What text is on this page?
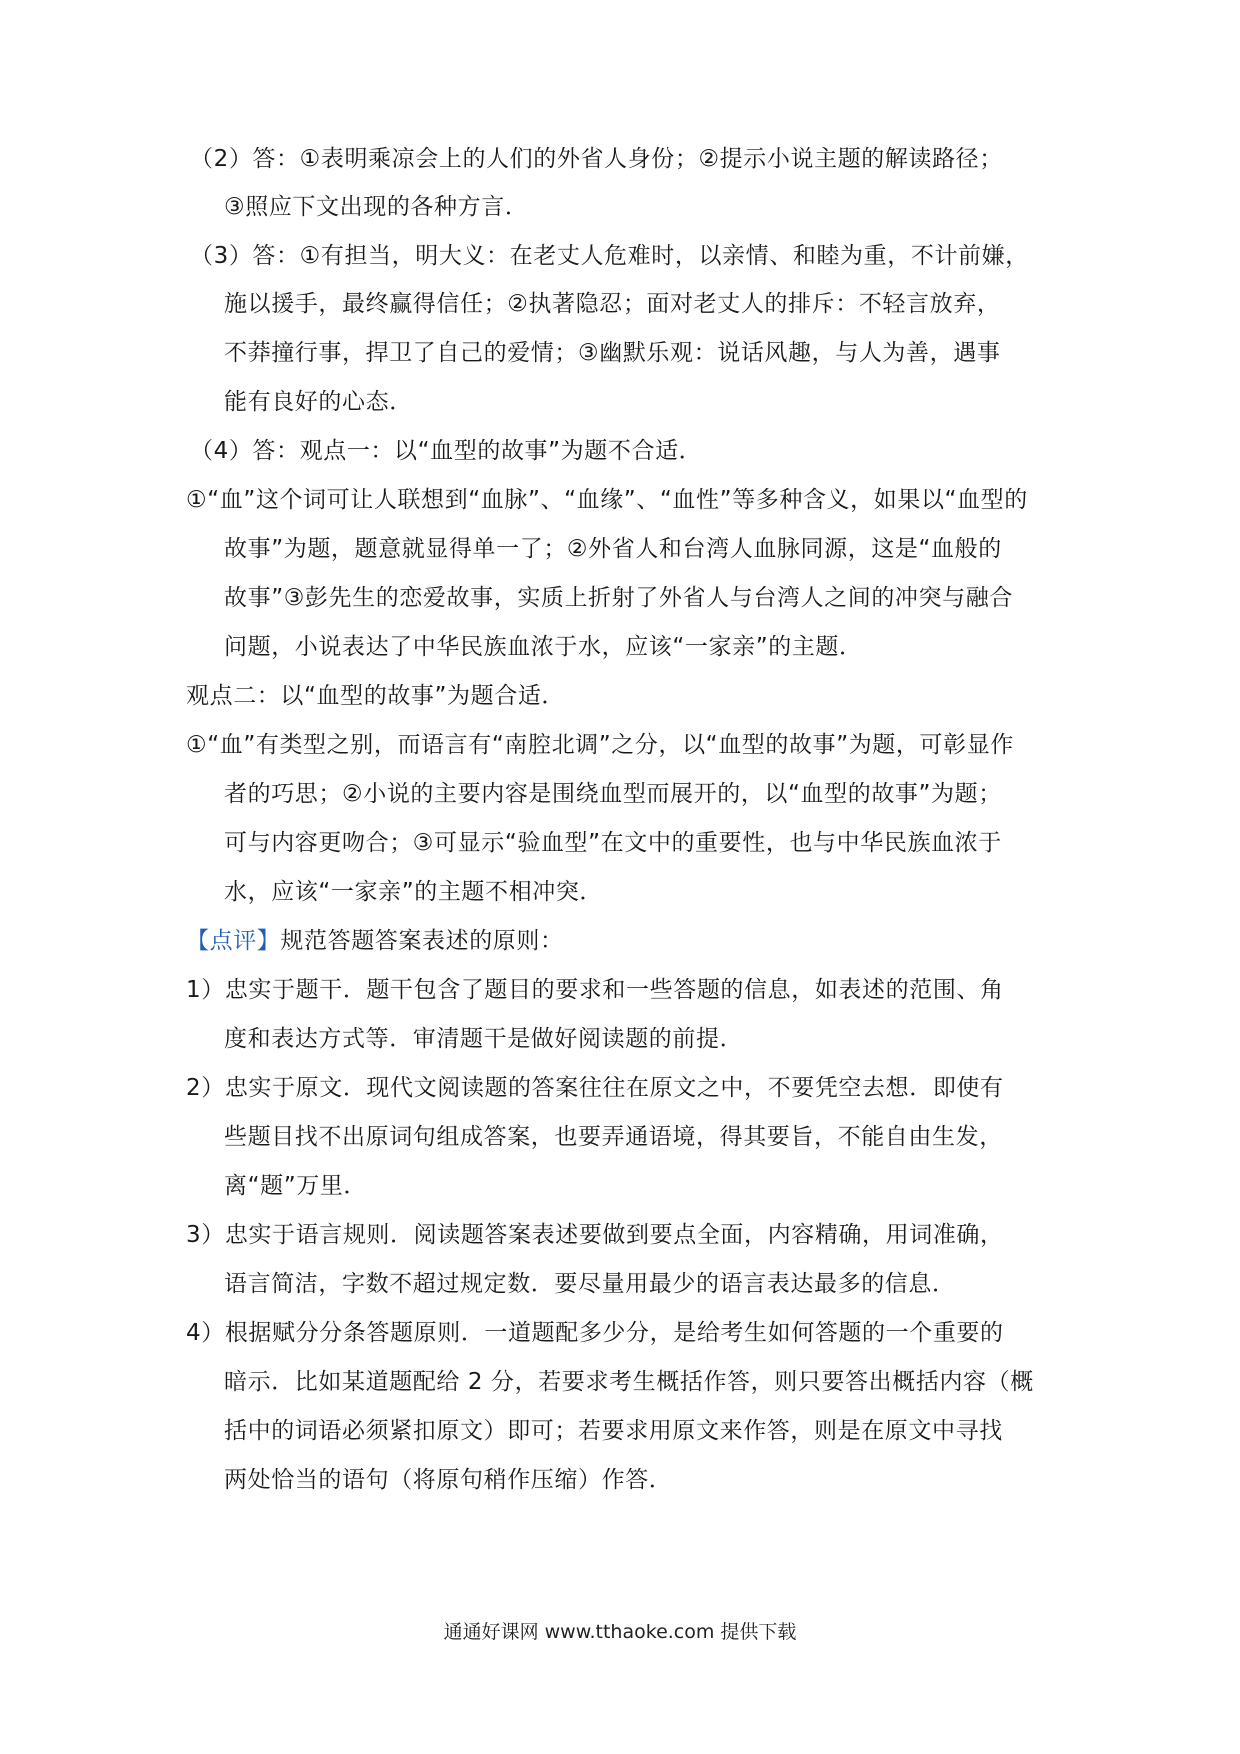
（2）答：①表明乘凉会上的人们的外省人身份；②提示小说主题的解读路径；
③照应下文出现的各种方言．
（3）答：①有担当，明大义：在老丈人危难时，以亲情、和睦为重，不计前嫌，
施以援手，最终赢得信任；②执著隐忍；面对老丈人的排斥：不轻言放弃，
不莽撞行事，捍卫了自己的爱情；③幽默乐观：说话风趣，与人为善，遇事
能有良好的心态．
（4）答：观点一：以“血型的故事”为题不合适．
①“血”这个词可让人联想到“血脉”、“血缘”、“血性”等多种含义，如果以“血型的
故事”为题，题意就显得单一了；②外省人和台湾人血脉同源，这是“血般的
故事”③彭先生的恋爱故事，实质上折射了外省人与台湾人之间的冲突与融合
问题，小说表达了中华民族血浓于水，应该“一家亲”的主题．
观点二：以“血型的故事”为题合适．
①“血”有类型之别，而语言有“南腔北调”之分，以“血型的故事”为题，可彰显作
者的巧思；②小说的主要内容是围绕血型而展开的，以“血型的故事”为题；
可与内容更吻合；③可显示“验血型”在文中的重要性，也与中华民族血浓于
水，应该“一家亲”的主题不相冲突．
【点评】规范答题答案表述的原则：
1）忠实于题干．题干包含了题目的要求和一些答题的信息，如表述的范围、角
度和表达方式等．审清题干是做好阅读题的前提．
2）忠实于原文．现代文阅读题的答案往往在原文之中，不要凭空去想．即使有
些题目找不出原词句组成答案，也要弄通语境，得其要旨，不能自由生发，
离“题”万里．
3）忠实于语言规则．阅读题答案表述要做到要点全面，内容精确，用词准确，
语言简洁，字数不超过规定数．要尽量用最少的语言表达最多的信息．
4）根据赋分分条答题原则．一道题配多少分，是给考生如何答题的一个重要的
暗示．比如某道题配给 2 分，若要求考生概括作答，则只要答出概括内容（概
括中的词语必须紧扣原文）即可；若要求用原文来作答，则是在原文中寻找
两处恰当的语句（将原句稍作压缩）作答．
通通好课网 www.tthaoke.com 提供下载
